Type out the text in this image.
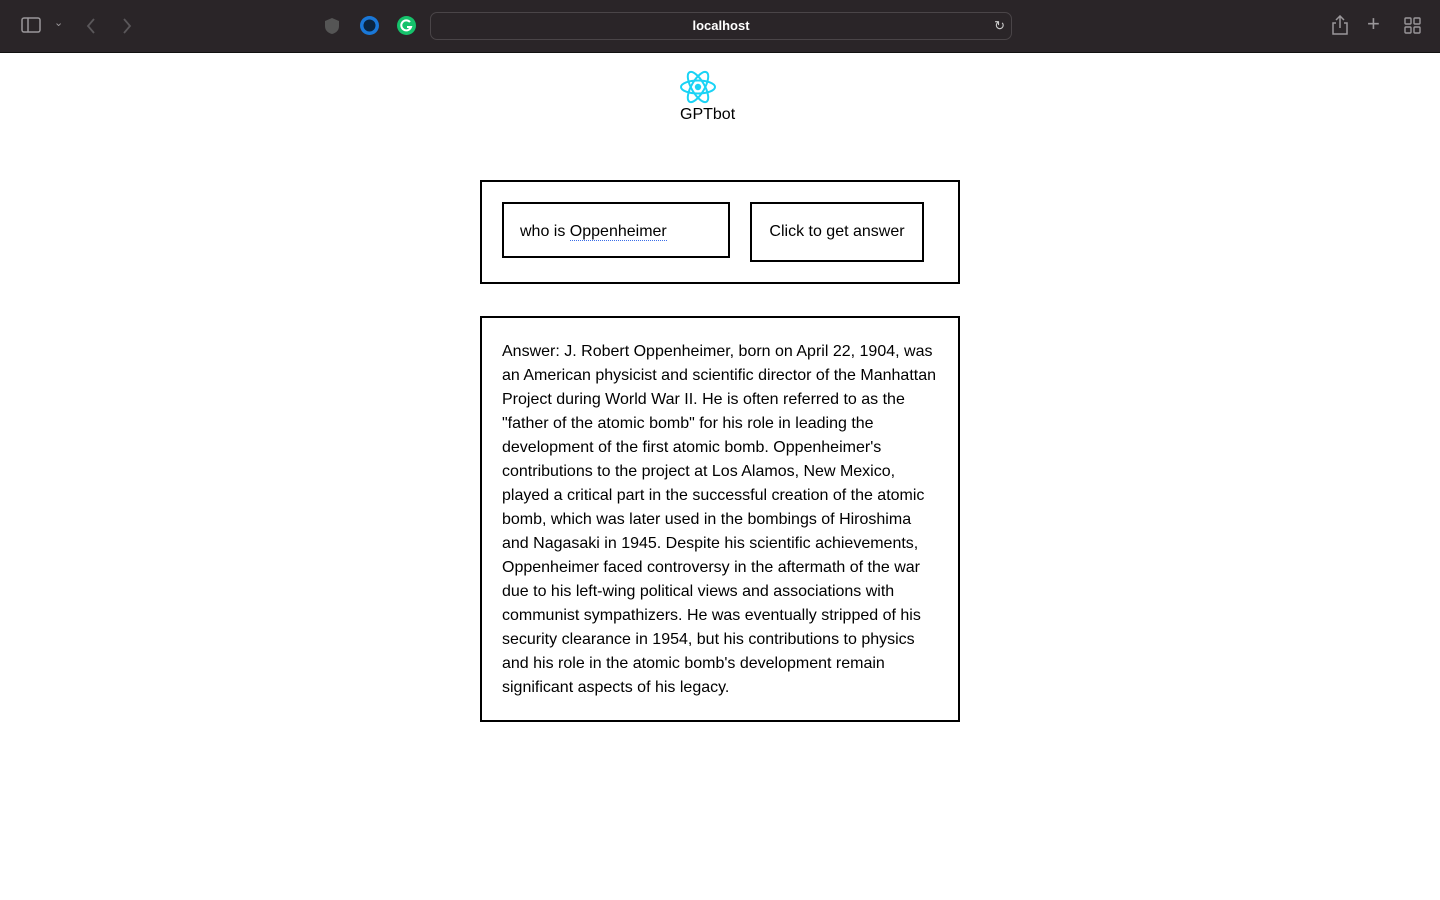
⌄	localhost	↻	+
GPTbot
who is Oppenheimer	Click to get answer
Answer: J. Robert Oppenheimer, born on April 22, 1904, was an American physicist and scientific director of the Manhattan Project during World War II. He is often referred to as the "father of the atomic bomb" for his role in leading the development of the first atomic bomb. Oppenheimer's contributions to the project at Los Alamos, New Mexico, played a critical part in the successful creation of the atomic bomb, which was later used in the bombings of Hiroshima and Nagasaki in 1945. Despite his scientific achievements, Oppenheimer faced controversy in the aftermath of the war due to his left-wing political views and associations with communist sympathizers. He was eventually stripped of his security clearance in 1954, but his contributions to physics and his role in the atomic bomb's development remain significant aspects of his legacy.
